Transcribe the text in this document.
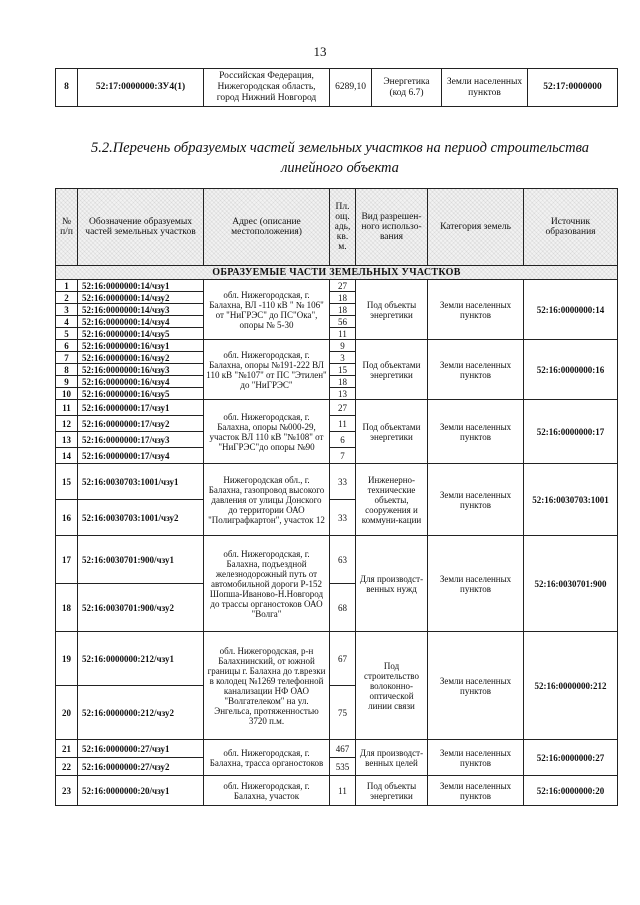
13
8	52:17:0000000:ЗУ4(1)	Российская Федерация, Нижегородская область, город Нижний Новгород	6289,10	Энергетика (код 6.7)	Земли населенных пунктов	52:17:0000000
5.2.Перечень образуемых частей земельных участков на период строительства линейного объекта
№ п/п	Обозначение образуемых частей земельных участков	Адрес (описание местоположения)	Пл. ощ. адь, кв. м.	Вид разрешен- ного использо- вания	Категория земель	Источник образования
ОБРАЗУЕМЫЕ ЧАСТИ ЗЕМЕЛЬНЫХ УЧАСТКОВ						
1	52:16:0000000:14/чзу1	обл. Нижегородская, г. Балахна, ВЛ -110 кВ " № 106" от "НиГРЭС" до ПС"Ока", опоры № 5-30	27	Под объекты энергетики	Земли населенных пунктов	52:16:0000000:14
2	52:16:0000000:14/чзу2		18			
3	52:16:0000000:14/чзу3		18			
4	52:16:0000000:14/чзу4		56			
5	52:16:0000000:14/чзу5		11			
6	52:16:0000000:16/чзу1	обл. Нижегородская, г. Балахна, опоры №191-222 ВЛ 110 кВ "№107" от ПС "Этилен" до "НиГРЭС"	9	Под объектами энергетики	Земли населенных пунктов	52:16:0000000:16
7	52:16:0000000:16/чзу2		3			
8	52:16:0000000:16/чзу3		15			
9	52:16:0000000:16/чзу4		18			
10	52:16:0000000:16/чзу5		13			
11	52:16:0000000:17/чзу1	обл. Нижегородская, г. Балахна, опоры №000-29, участок ВЛ 110 кВ "№108" от "НиГРЭС"до опоры №90	27	Под объектами энергетики	Земли населенных пунктов	52:16:0000000:17
12	52:16:0000000:17/чзу2		11			
13	52:16:0000000:17/чзу3		6			
14	52:16:0000000:17/чзу4		7			
15	52:16:0030703:1001/чзу1	Нижегородская обл., г. Балахна, газопровод высокого давления от улицы Донского до территории ОАО "Полиграфкартон", участок 12	33	Инженерно-технические объекты, сооружения и коммуни-кации	Земли населенных пунктов	52:16:0030703:1001
16	52:16:0030703:1001/чзу2		33			
17	52:16:0030701:900/чзу1	обл. Нижегородская, г. Балахна, подъездной железнодорожный путь от автомобильной дороги Р-152 Шопша-Иваново-Н.Новгород до трассы органостоков ОАО "Волга"	63	Для производст-венных нужд	Земли населенных пунктов	52:16:0030701:900
18	52:16:0030701:900/чзу2		68			
19	52:16:0000000:212/чзу1	обл. Нижегородская, р-н Балахнинский, от южной границы г. Балахна до т.врезки в колодец №1269 телефонной канализации НФ ОАО "Волгателеком" на ул. Энгельса, протяженностью 3720 п.м.	67	Под строительство волоконно-оптической линии связи	Земли населенных пунктов	52:16:0000000:212
20	52:16:0000000:212/чзу2		75			
21	52:16:0000000:27/чзу1	обл. Нижегородская, г. Балахна, трасса органостоков	467	Для производст-венных целей	Земли населенных пунктов	52:16:0000000:27
22	52:16:0000000:27/чзу2		535			
23	52:16:0000000:20/чзу1	обл. Нижегородская, г. Балахна, участок	11	Под объекты энергетики	Земли населенных пунктов	52:16:0000000:20
